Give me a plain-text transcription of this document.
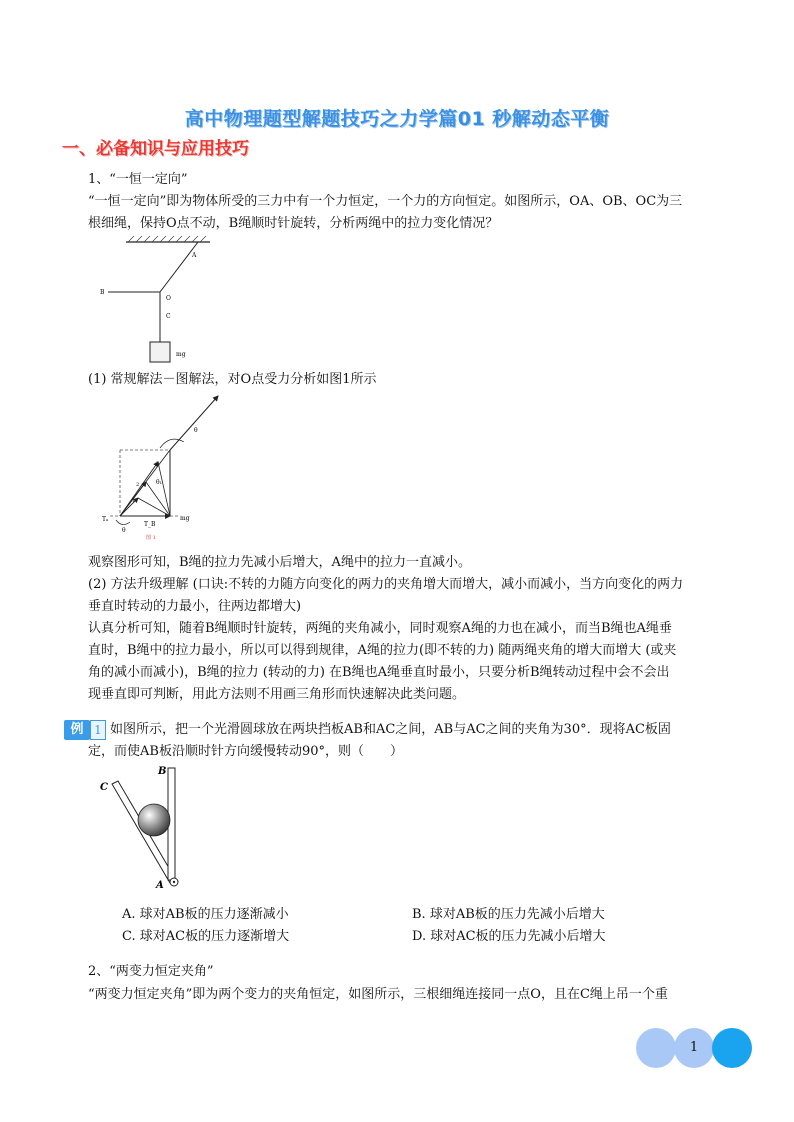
高中物理题型解题技巧之力学篇01 秒解动态平衡
一、必备知识与应用技巧
1、“一恒一定向”
“一恒一定向”即为物体所受的三力中有一个力恒定，一个力的方向恒定。如图所示，OA、OB、OC为三
根细绳，保持O点不动，B绳顺时针旋转，分析两绳中的拉力变化情况？
A
B
O
C
mg
(1) 常规解法－图解法，对O点受力分析如图1所示
θ
θ₁
3
2
1
Tₐ
T_B
mg
θ
图 1
观察图形可知，B绳的拉力先减小后增大，A绳中的拉力一直减小。
(2) 方法升级理解 (口诀:不转的力随方向变化的两力的夹角增大而增大，减小而减小，当方向变化的两力
垂直时转动的力最小，往两边都增大)
认真分析可知，随着B绳顺时针旋转，两绳的夹角减小，同时观察A绳的力也在减小，而当B绳也A绳垂
直时，B绳中的拉力最小，所以可以得到规律，A绳的拉力(即不转的力) 随两绳夹角的增大而增大 (或夹
角的减小而减小)，B绳的拉力 (转动的力) 在B绳也A绳垂直时最小，只要分析B绳转动过程中会不会出
现垂直即可判断，用此方法则不用画三角形而快速解决此类问题。
例 1 如图所示，把一个光滑圆球放在两块挡板AB和AC之间，AB与AC之间的夹角为30°．现将AC板固
定，而使AB板沿顺时针方向缓慢转动90°，则（　　）
B
C
A
A. 球对AB板的压力逐渐减小	B. 球对AB板的压力先减小后增大
C. 球对AC板的压力逐渐增大	D. 球对AC板的压力先减小后增大
2、“两变力恒定夹角”
“两变力恒定夹角”即为两个变力的夹角恒定，如图所示，三根细绳连接同一点O，且在C绳上吊一个重
1
